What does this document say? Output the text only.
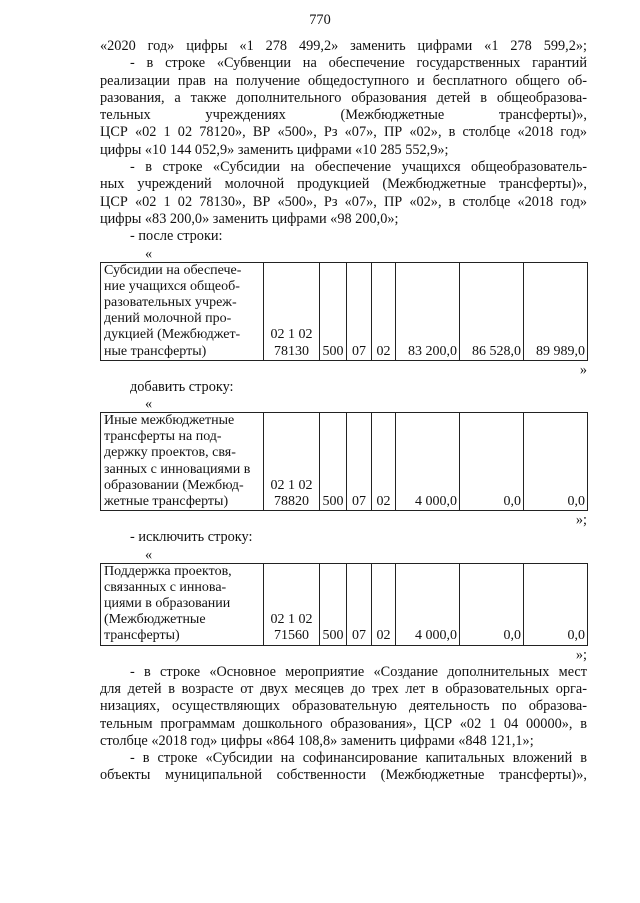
770

«2020 год» цифры «1 278 499,2» заменить цифрами «1 278 599,2»;

- в строке «Субвенции на обеспечение государственных гарантий

реализации прав на получение общедоступного и бесплатного общего об-

разования, а также дополнительного образования детей в общеобразова-

тельных учреждениях (Межбюджетные трансферты)»,

ЦСР «02 1 02 78120», ВР «500», Рз «07», ПР «02», в столбце «2018 год»

цифры «10 144 052,9» заменить цифрами «10 285 552,9»;

- в строке «Субсидии на обеспечение учащихся общеобразователь-

ных учреждений молочной продукцией (Межбюджетные трансферты)»,

ЦСР «02 1 02 78130», ВР «500», Рз «07», ПР «02», в столбце «2018 год»

цифры «83 200,0» заменить цифрами «98 200,0»;

- после строки:

«

Субсидии на обеспече-
ние учащихся общеоб-
разовательных учреж-
дений молочной про-
дукцией (Межбюджет-
ные трансферты)

02 1 02
78130	500	07	02	83 200,0	86 528,0	89 989,0

»

добавить строку:

«

Иные межбюджетные
трансферты на под-
держку проектов, свя-
занных с инновациями в
образовании (Межбюд-
жетные трансферты)

02 1 02
78820	500	07	02	4 000,0	0,0	0,0

»;

- исключить строку:

«

Поддержка проектов,
связанных с иннова-
циями в образовании
(Межбюджетные
трансферты)

02 1 02
71560	500	07	02	4 000,0	0,0	0,0

»;

- в строке «Основное мероприятие «Создание дополнительных мест

для детей в возрасте от двух месяцев до трех лет в образовательных орга-

низациях, осуществляющих образовательную деятельность по образова-

тельным программам дошкольного образования», ЦСР «02 1 04 00000», в

столбце «2018 год» цифры «864 108,8» заменить цифрами «848 121,1»;

- в строке «Субсидии на софинансирование капитальных вложений в

объекты муниципальной собственности (Межбюджетные трансферты)»,
